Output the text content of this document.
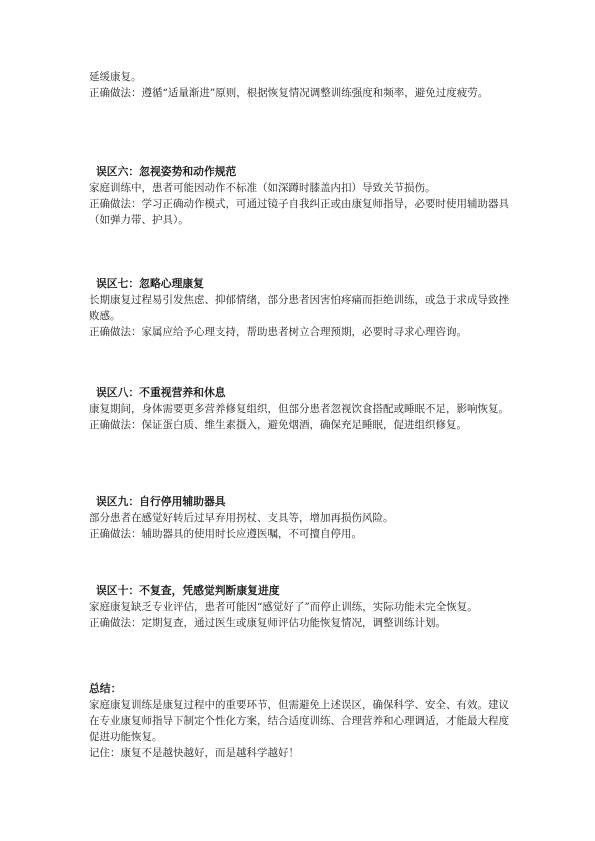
延缓康复。

正确做法：遵循“适量渐进”原则，根据恢复情况调整训练强度和频率，避免过度疲劳。

误区六：忽视姿势和动作规范

家庭训练中，患者可能因动作不标准（如深蹲时膝盖内扣）导致关节损伤。

正确做法：学习正确动作模式，可通过镜子自我纠正或由康复师指导，必要时使用辅助器具（如弹力带、护具）。

误区七：忽略心理康复

长期康复过程易引发焦虑、抑郁情绪，部分患者因害怕疼痛而拒绝训练，或急于求成导致挫败感。

正确做法：家属应给予心理支持，帮助患者树立合理预期，必要时寻求心理咨询。

误区八：不重视营养和休息

康复期间，身体需要更多营养修复组织，但部分患者忽视饮食搭配或睡眠不足，影响恢复。

正确做法：保证蛋白质、维生素摄入，避免烟酒，确保充足睡眠，促进组织修复。

误区九：自行停用辅助器具

部分患者在感觉好转后过早弃用拐杖、支具等，增加再损伤风险。

正确做法：辅助器具的使用时长应遵医嘱，不可擅自停用。

误区十：不复查，凭感觉判断康复进度

家庭康复缺乏专业评估，患者可能因“感觉好了”而停止训练，实际功能未完全恢复。

正确做法：定期复查，通过医生或康复师评估功能恢复情况，调整训练计划。

总结：

家庭康复训练是康复过程中的重要环节，但需避免上述误区，确保科学、安全、有效。建议在专业康复师指导下制定个性化方案，结合适度训练、合理营养和心理调适，才能最大程度促进功能恢复。

记住：康复不是越快越好，而是越科学越好！
